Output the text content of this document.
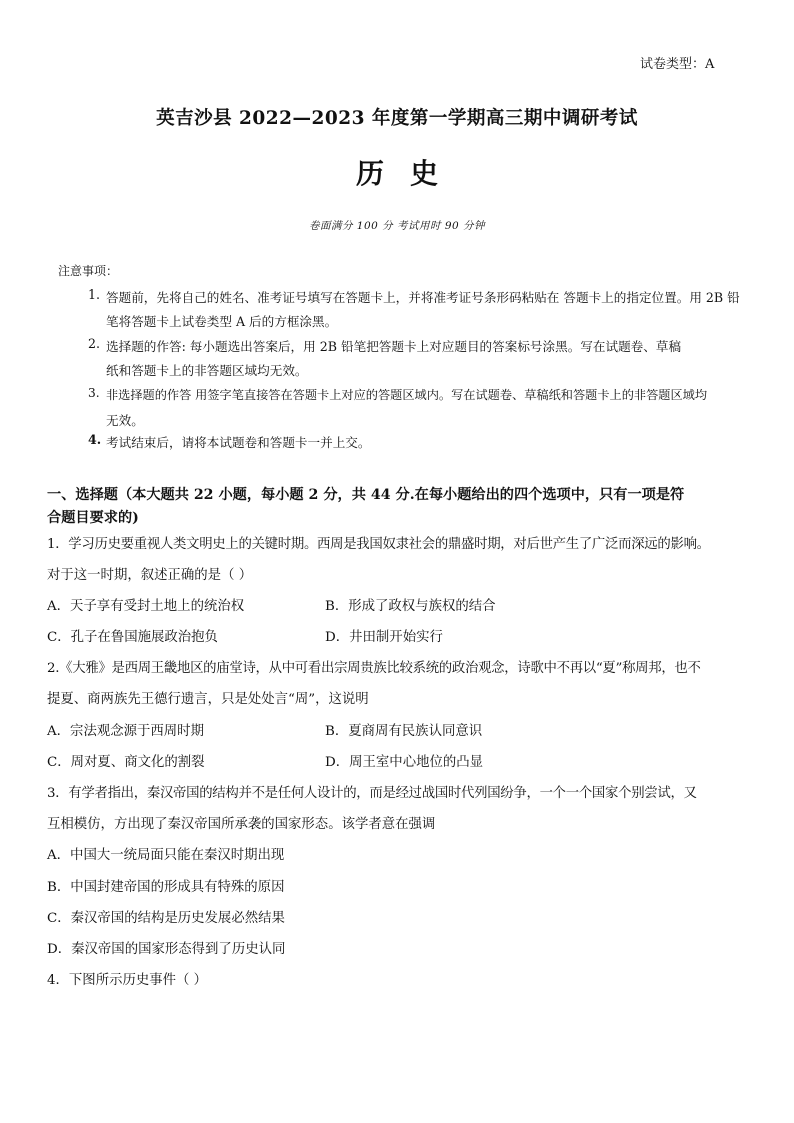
试卷类型：A
英吉沙县 2022—2023 年度第一学期高三期中调研考试
历史
卷面满分 100 分 考试用时 90 分钟
注意事项：
1. 答题前，先将自己的姓名、准考证号填写在答题卡上，并将准考证号条形码粘贴在 答题卡上的指定位置。用 2B 铅
笔将答题卡上试卷类型 A 后的方框涂黑。
2. 选择题的作答: 每小题选出答案后，用 2B 铅笔把答题卡上对应题目的答案标号涂黑。写在试题卷、草稿
纸和答题卡上的非答题区域均无效。
3. 非选择题的作答 用签字笔直接答在答题卡上对应的答题区域内。写在试题卷、草稿纸和答题卡上的非答题区域均
无效。
4. 考试结束后，请将本试题卷和答题卡一并上交。
一、选择题（本大题共 22 小题，每小题 2 分，共 44 分.在每小题给出的四个选项中，只有一项是符
合题目要求的)
1．学习历史要重视人类文明史上的关键时期。西周是我国奴隶社会的鼎盛时期，对后世产生了广泛而深远的影响。
对于这一时期，叙述正确的是（ ）
A．天子享有受封土地上的统治权	B．形成了政权与族权的结合
C．孔子在鲁国施展政治抱负	D．井田制开始实行
2.《大雅》是西周王畿地区的庙堂诗，从中可看出宗周贵族比较系统的政治观念，诗歌中不再以“夏”称周邦，也不
提夏、商两族先王德行遗言，只是处处言“周”，这说明
A．宗法观念源于西周时期	B．夏商周有民族认同意识
C．周对夏、商文化的割裂	D．周王室中心地位的凸显
3．有学者指出，秦汉帝国的结构并不是任何人设计的，而是经过战国时代列国纷争，一个一个国家个别尝试，又
互相模仿，方出现了秦汉帝国所承袭的国家形态。该学者意在强调
A．中国大一统局面只能在秦汉时期出现
B．中国封建帝国的形成具有特殊的原因
C．秦汉帝国的结构是历史发展必然结果
D．秦汉帝国的国家形态得到了历史认同
4．下图所示历史事件（ ）
